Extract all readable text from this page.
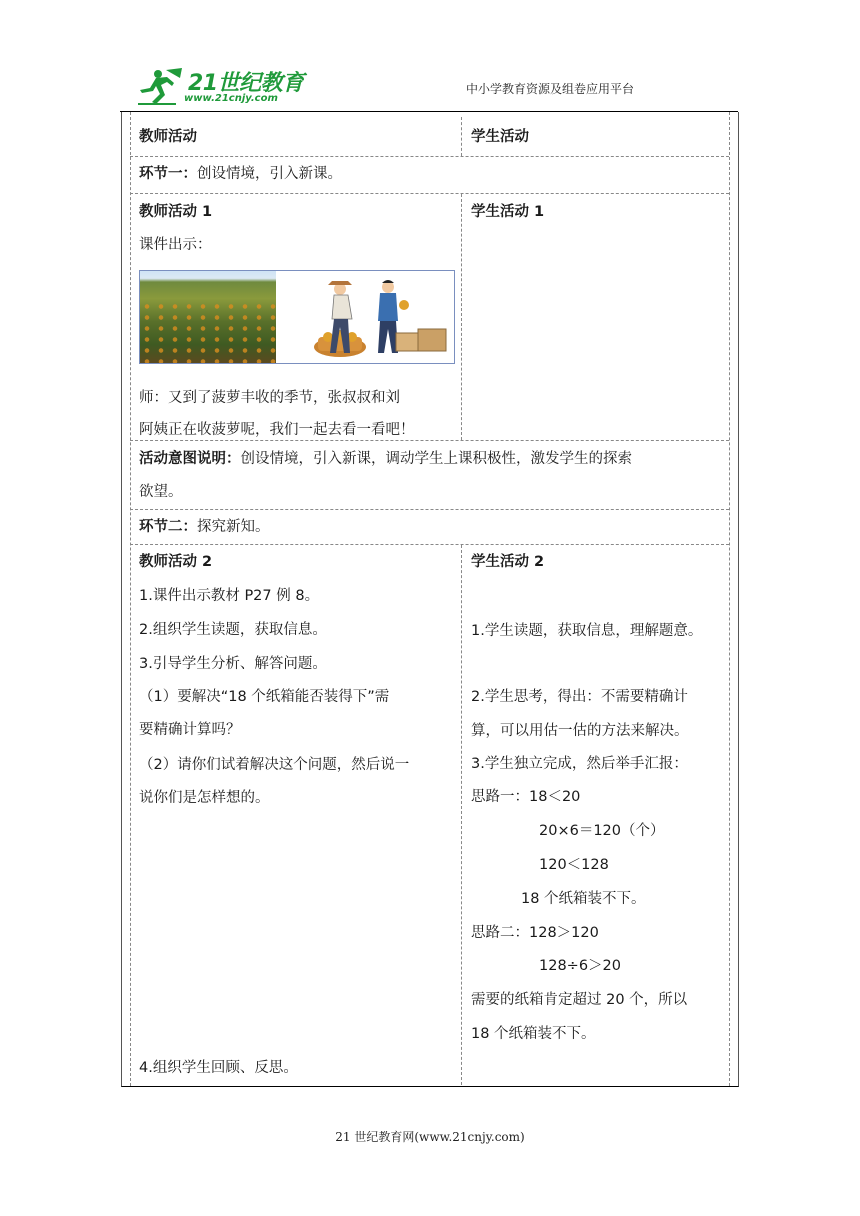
21世纪教育
www.21cnjy.com
中小学教育资源及组卷应用平台
教师活动	学生活动
环节一：创设情境，引入新课。
教师活动 1
课件出示：
师：又到了菠萝丰收的季节，张叔叔和刘
阿姨正在收菠萝呢，我们一起去看一看吧！
学生活动 1
活动意图说明：创设情境，引入新课，调动学生上课积极性，激发学生的探索
欲望。
环节二：探究新知。
教师活动 2
1.课件出示教材 P27 例 8。
2.组织学生读题，获取信息。
3.引导学生分析、解答问题。
（1）要解决“18 个纸箱能否装得下”需
要精确计算吗？
（2）请你们试着解决这个问题，然后说一
说你们是怎样想的。
4.组织学生回顾、反思。
学生活动 2
1.学生读题，获取信息，理解题意。
2.学生思考，得出：不需要精确计
算，可以用估一估的方法来解决。
3.学生独立完成，然后举手汇报：
思路一：18＜20
20×6＝120（个）
120＜128
18 个纸箱装不下。
思路二：128＞120
128÷6＞20
需要的纸箱肯定超过 20 个，所以
18 个纸箱装不下。
21 世纪教育网(www.21cnjy.com)
